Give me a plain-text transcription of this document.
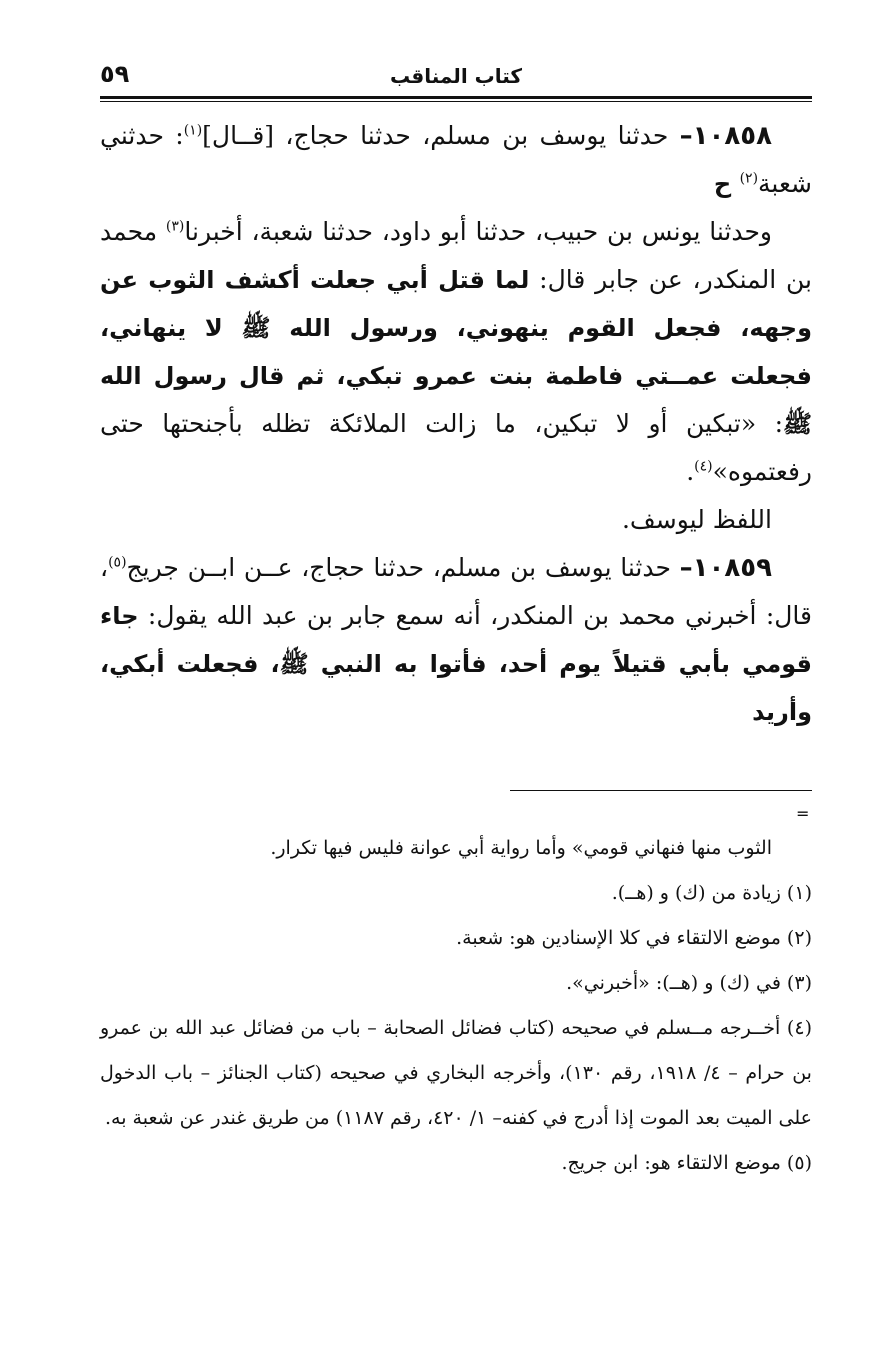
كتاب المناقب
٥٩

١٠٨٥٨– حدثنا يوسف بن مسلم، حدثنا حجاج، [قــال]$^{(١)}$: حدثني شعبة$^{(٢)}$ ح

وحدثنا يونس بن حبيب، حدثنا أبو داود، حدثنا شعبة، أخبرنا$^{(٣)}$ محمد بن المنكدر، عن جابر قال: لما قتل أبي جعلت أكشف الثوب عن وجهه، فجعل القوم ينهوني، ورسول الله ﷺ لا ينهاني، فجعلت عمــتي فاطمة بنت عمرو تبكي، ثم قال رسول الله ﷺ: «تبكين أو لا تبكين، ما زالت الملائكة تظله بأجنحتها حتى رفعتموه»$^{(٤)}$.

اللفظ ليوسف.

١٠٨٥٩– حدثنا يوسف بن مسلم، حدثنا حجاج، عــن ابــن جريج$^{(٥)}$، قال: أخبرني محمد بن المنكدر، أنه سمع جابر بن عبد الله يقول: جاء قومي بأبي قتيلاً يوم أحد، فأتوا به النبي ﷺ، فجعلت أبكي، وأريد

=

الثوب منها فنهاني قومي» وأما رواية أبي عوانة فليس فيها تكرار.

(١) زيادة من (ك) و (هــ).

(٢) موضع الالتقاء في كلا الإسنادين هو: شعبة.

(٣) في (ك) و (هــ): «أخبرني».

(٤) أخــرجه مــسلم في صحيحه (كتاب فضائل الصحابة – باب من فضائل عبد الله بن عمرو بن حرام – ٤/ ١٩١٨، رقم ١٣٠)، وأخرجه البخاري في صحيحه (كتاب الجنائز – باب الدخول على الميت بعد الموت إذا أدرج في كفنه– ١/ ٤٢٠، رقم ١١٨٧) من طريق غندر عن شعبة به.

(٥) موضع الالتقاء هو: ابن جريج.
